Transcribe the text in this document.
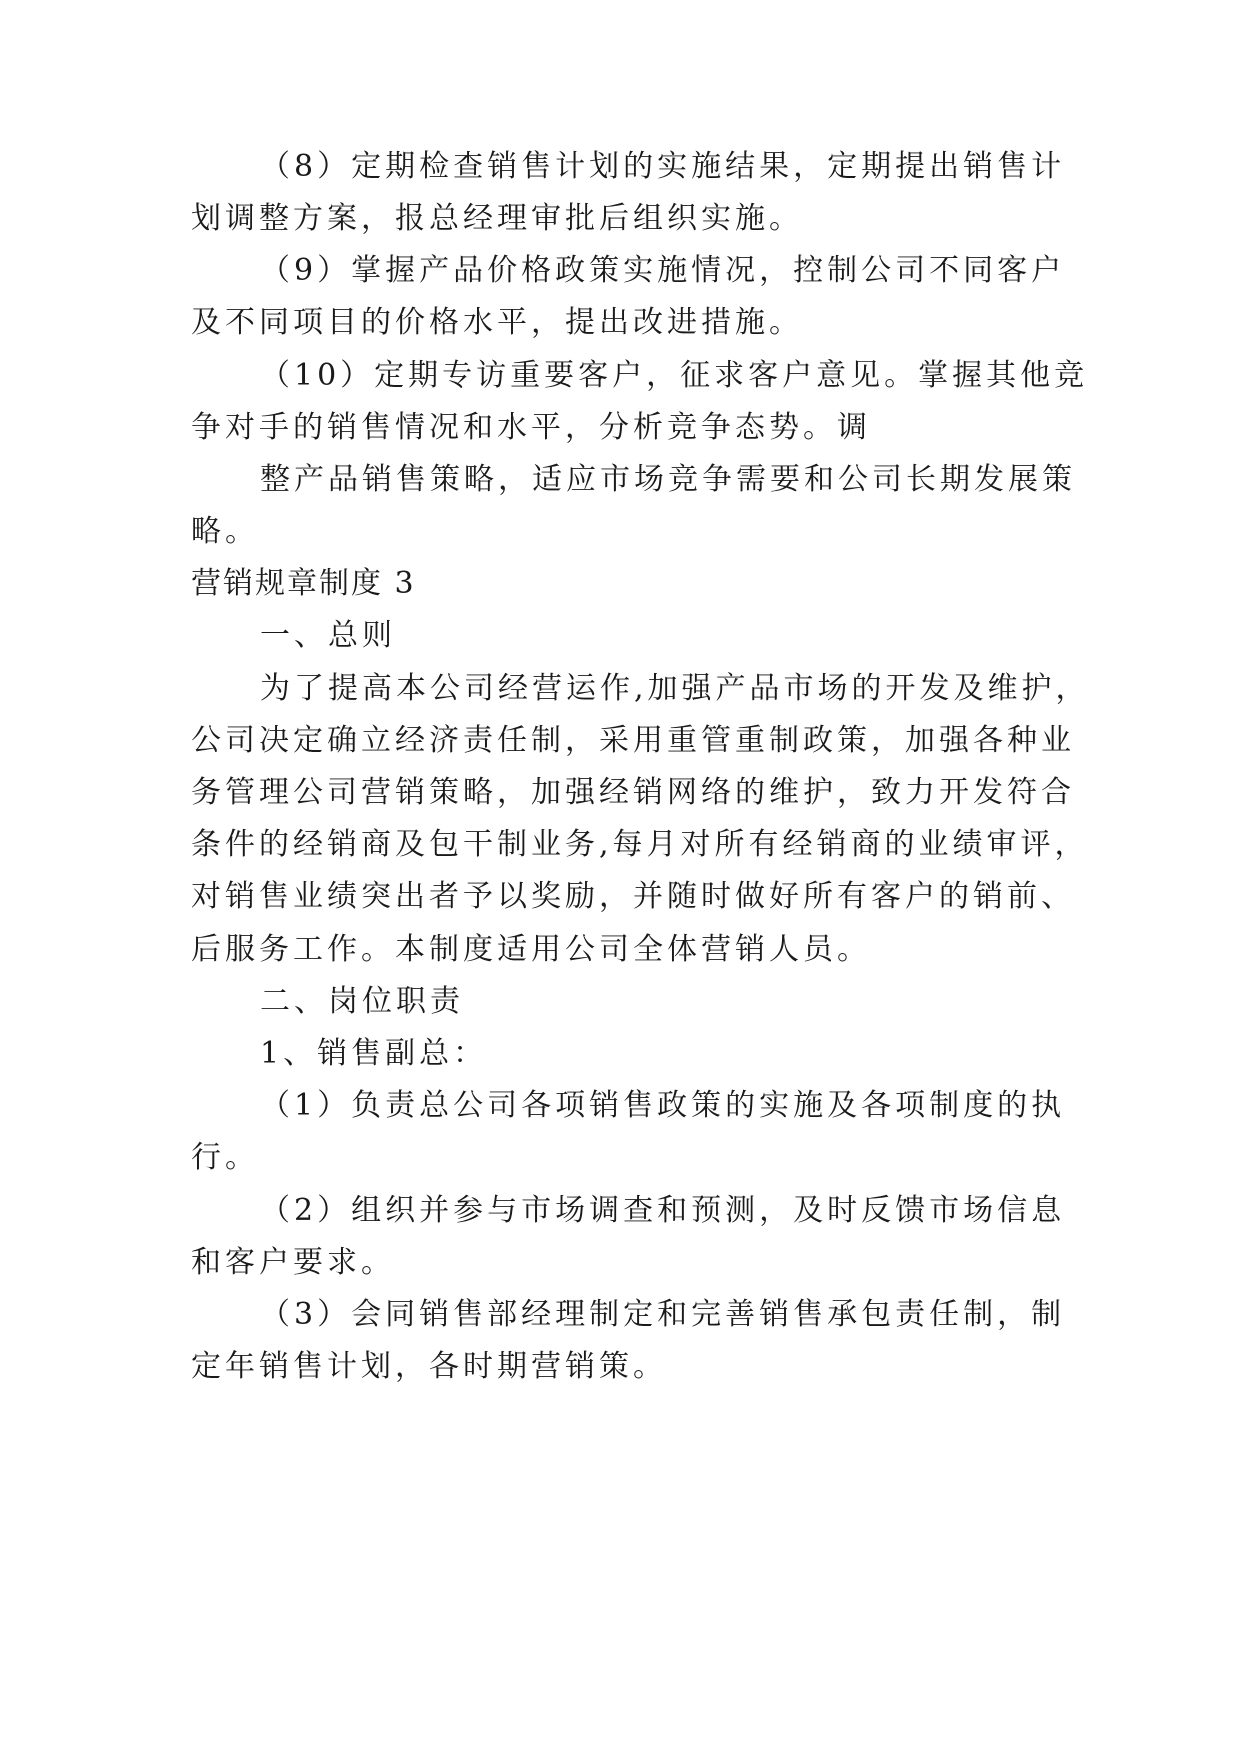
（8）定期检查销售计划的实施结果，定期提出销售计
划调整方案，报总经理审批后组织实施。
（9）掌握产品价格政策实施情况，控制公司不同客户
及不同项目的价格水平，提出改进措施。
（10）定期专访重要客户，征求客户意见。掌握其他竞
争对手的销售情况和水平，分析竞争态势。调
整产品销售策略，适应市场竞争需要和公司长期发展策
略。
营销规章制度 3
一、总则
为了提高本公司经营运作,加强产品市场的开发及维护，
公司决定确立经济责任制，采用重管重制政策，加强各种业
务管理公司营销策略，加强经销网络的维护，致力开发符合
条件的经销商及包干制业务,每月对所有经销商的业绩审评，
对销售业绩突出者予以奖励，并随时做好所有客户的销前、
后服务工作。本制度适用公司全体营销人员。
二、岗位职责
1、销售副总：
（1）负责总公司各项销售政策的实施及各项制度的执
行。
（2）组织并参与市场调查和预测，及时反馈市场信息
和客户要求。
（3）会同销售部经理制定和完善销售承包责任制，制
定年销售计划，各时期营销策。
